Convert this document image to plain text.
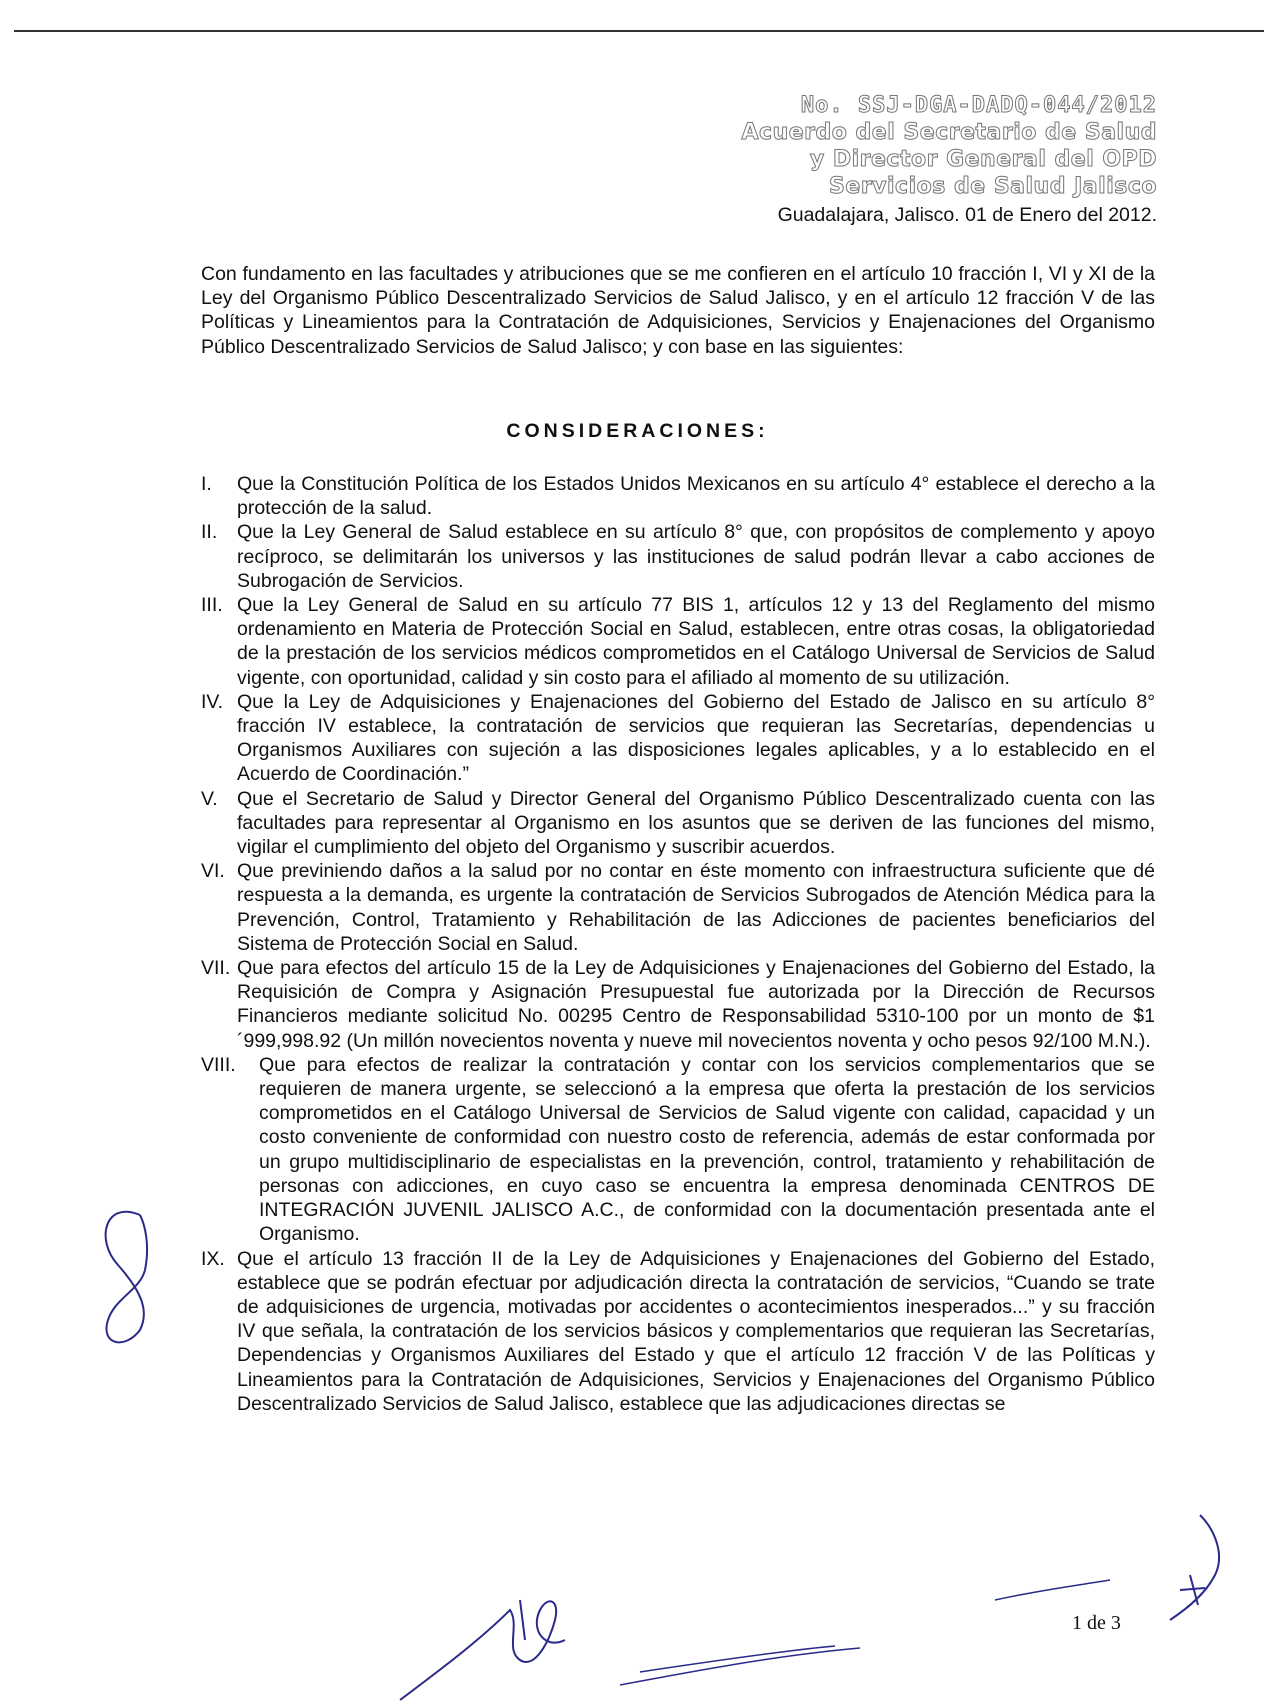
No. SSJ-DGA-DADQ-044/2012
Acuerdo del Secretario de Salud
y Director General del OPD
Servicios de Salud Jalisco
Guadalajara, Jalisco. 01 de Enero del 2012.
Con fundamento en las facultades y atribuciones que se me confieren en el artículo 10 fracción I, VI y XI de la Ley del Organismo Público Descentralizado Servicios de Salud Jalisco, y en el artículo 12 fracción V de las Políticas y Lineamientos para la Contratación de Adquisiciones, Servicios y Enajenaciones del Organismo Público Descentralizado Servicios de Salud Jalisco; y con base en las siguientes:
CONSIDERACIONES:
I.	Que la Constitución Política de los Estados Unidos Mexicanos en su artículo 4° establece el derecho a la protección de la salud.
II.	Que la Ley General de Salud establece en su artículo 8° que, con propósitos de complemento y apoyo recíproco, se delimitarán los universos y las instituciones de salud podrán llevar a cabo acciones de Subrogación de Servicios.
III. Que la Ley General de Salud en su artículo 77 BIS 1, artículos 12 y 13 del Reglamento del mismo ordenamiento en Materia de Protección Social en Salud, establecen, entre otras cosas, la obligatoriedad de la prestación de los servicios médicos comprometidos en el Catálogo Universal de Servicios de Salud vigente, con oportunidad, calidad y sin costo para el afiliado al momento de su utilización.
IV. Que la Ley de Adquisiciones y Enajenaciones del Gobierno del Estado de Jalisco en su artículo 8° fracción IV establece, la contratación de servicios que requieran las Secretarías, dependencias u Organismos Auxiliares con sujeción a las disposiciones legales aplicables, y a lo establecido en el Acuerdo de Coordinación.”
V. Que el Secretario de Salud y Director General del Organismo Público Descentralizado cuenta con las facultades para representar al Organismo en los asuntos que se deriven de las funciones del mismo, vigilar el cumplimiento del objeto del Organismo y suscribir acuerdos.
VI. Que previniendo daños a la salud por no contar en éste momento con infraestructura suficiente que dé respuesta a la demanda, es urgente la contratación de Servicios Subrogados de Atención Médica para la Prevención, Control, Tratamiento y Rehabilitación de las Adicciones de pacientes beneficiarios del Sistema de Protección Social en Salud.
VII. Que para efectos del artículo 15 de la Ley de Adquisiciones y Enajenaciones del Gobierno del Estado, la Requisición de Compra y Asignación Presupuestal fue autorizada por la Dirección de Recursos Financieros mediante solicitud No. 00295 Centro de Responsabilidad 5310-100 por un monto de $1´999,998.92 (Un millón novecientos noventa y nueve mil novecientos noventa y ocho pesos 92/100 M.N.).
VIII.	Que para efectos de realizar la contratación y contar con los servicios complementarios que se requieren de manera urgente, se seleccionó a la empresa que oferta la prestación de los servicios comprometidos en el Catálogo Universal de Servicios de Salud vigente con calidad, capacidad y un costo conveniente de conformidad con nuestro costo de referencia, además de estar conformada por un grupo multidisciplinario de especialistas en la prevención, control, tratamiento y rehabilitación de personas con adicciones, en cuyo caso se encuentra la empresa denominada CENTROS DE INTEGRACIÓN JUVENIL JALISCO A.C., de conformidad con la documentación presentada ante el Organismo.
IX. Que el artículo 13 fracción II de la Ley de Adquisiciones y Enajenaciones del Gobierno del Estado, establece que se podrán efectuar por adjudicación directa la contratación de servicios, “Cuando se trate de adquisiciones de urgencia, motivadas por accidentes o acontecimientos inesperados...” y su fracción IV que señala, la contratación de los servicios básicos y complementarios que requieran las Secretarías, Dependencias y Organismos Auxiliares del Estado y que el artículo 12 fracción V de las Políticas y Lineamientos para la Contratación de Adquisiciones, Servicios y Enajenaciones del Organismo Público Descentralizado Servicios de Salud Jalisco, establece que las adjudicaciones directas se
1 de 3
